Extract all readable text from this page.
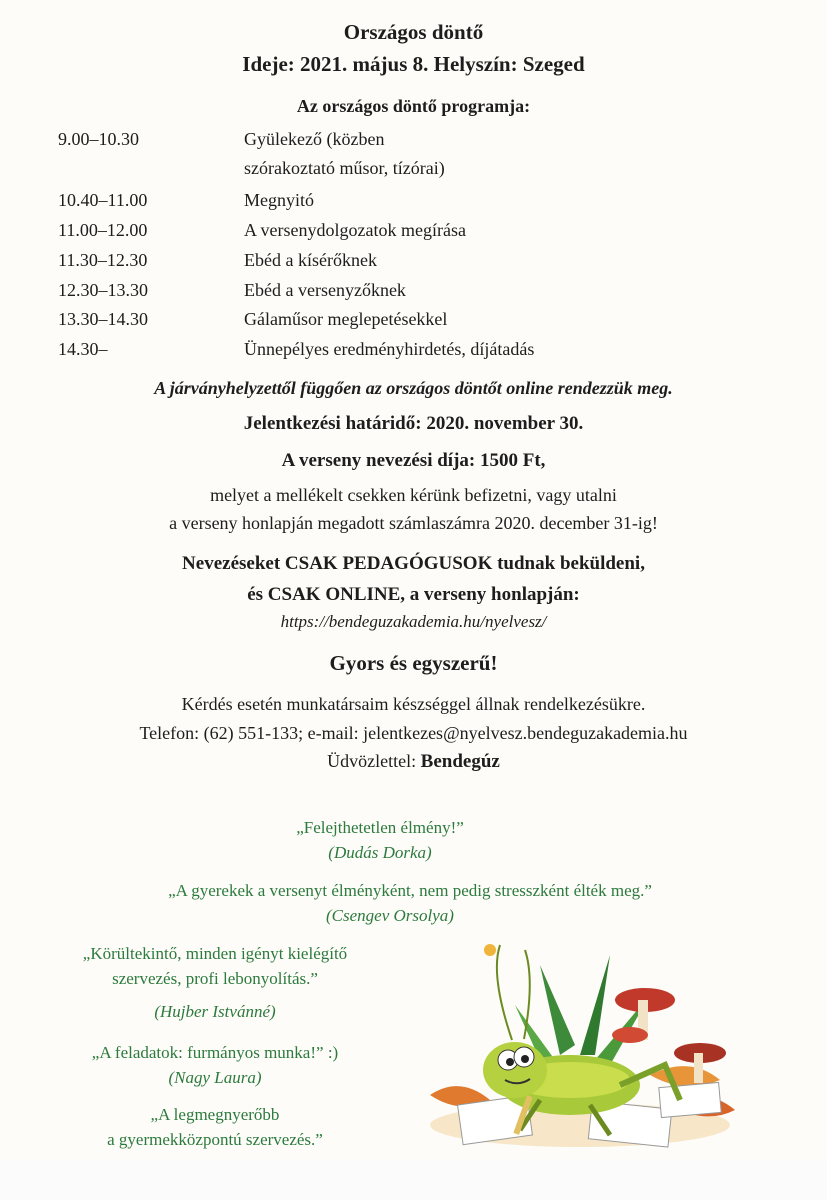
Országos döntő
Ideje: 2021. május 8. Helyszín: Szeged
Az országos döntő programja:
9.00–10.30	Gyülekező (közben
szórakoztató műsor, tízórai)
10.40–11.00	Megnyitó
11.00–12.00	A versenydolgozatok megírása
11.30–12.30	Ebéd a kísérőknek
12.30–13.30	Ebéd a versenyzőknek
13.30–14.30	Gálaműsor meglepetésekkel
14.30–	Ünnepélyes eredményhirdetés, díjátadás
A járványhelyzettől függően az országos döntőt online rendezzük meg.
Jelentkezési határidő: 2020. november 30.
A verseny nevezési díja: 1500 Ft,
melyet a mellékelt csekken kérünk befizetni, vagy utalni
a verseny honlapján megadott számlaszámra 2020. december 31-ig!
Nevezéseket CSAK PEDAGÓGUSOK tudnak beküldeni,
és CSAK ONLINE, a verseny honlapján:
https://bendeguzakademia.hu/nyelvesz/
Gyors és egyszerű!
Kérdés esetén munkatársaim készséggel állnak rendelkezésükre.
Telefon: (62) 551-133; e-mail: jelentkezes@nyelvesz.bendeguzakademia.hu
Üdvözlettel: Bendegúz
„Felejthetetlen élmény!”
(Dudás Dorka)
„A gyerekek a versenyt élményként, nem pedig stresszként élték meg.”
(Csengev Orsolya)
„Körültekintő, minden igényt kielégítő
szervezés, profi lebonyolítás.”
(Hujber Istvánné)
„A feladatok: furmányos munka!” :)
(Nagy Laura)
„A legmegnyerőbb
a gyermekközpontú szervezés.”
